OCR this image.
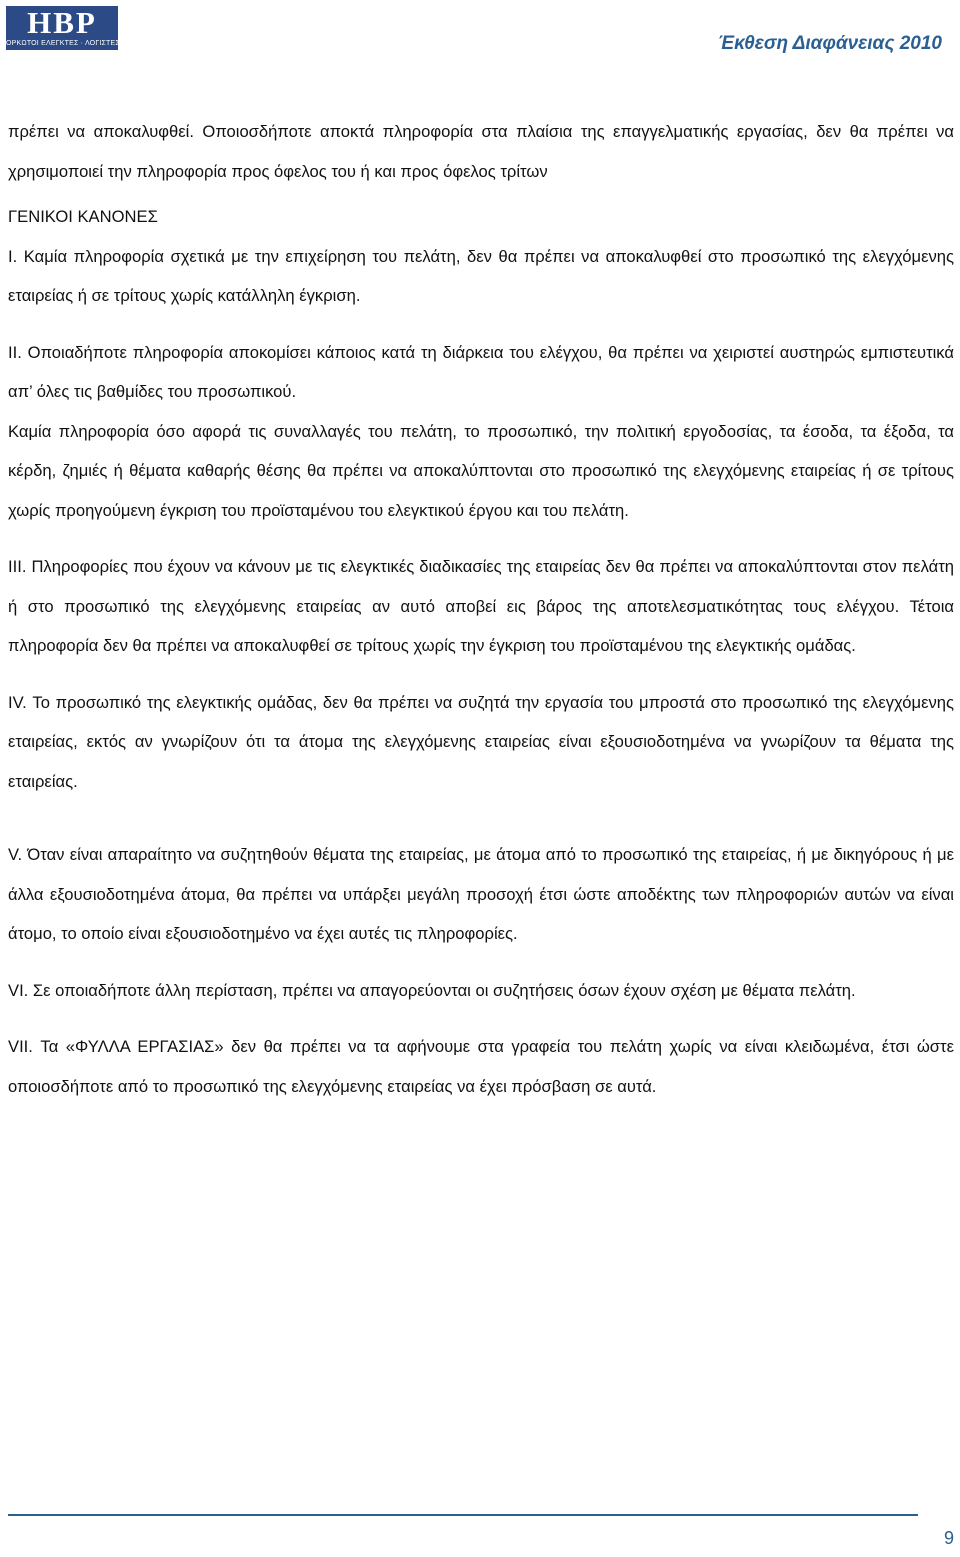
HBP
ΟΡΚΩΤΟΙ ΕΛΕΓΚΤΕΣ · ΛΟΓΙΣΤΕΣ	Έκθεση Διαφάνειας 2010

πρέπει να αποκαλυφθεί. Οποιοσδήποτε αποκτά πληροφορία στα πλαίσια της επαγγελματικής εργασίας, δεν θα πρέπει να χρησιμοποιεί την πληροφορία προς όφελος του ή και προς όφελος τρίτων

ΓΕΝΙΚΟΙ ΚΑΝΟΝΕΣ

I. Καμία πληροφορία σχετικά με την επιχείρηση του πελάτη, δεν θα πρέπει να αποκαλυφθεί στο προσωπικό της ελεγχόμενης εταιρείας ή σε τρίτους χωρίς κατάλληλη έγκριση.

II. Οποιαδήποτε πληροφορία αποκομίσει κάποιος κατά τη διάρκεια του ελέγχου, θα πρέπει να χειριστεί αυστηρώς εμπιστευτικά απ’ όλες τις βαθμίδες του προσωπικού.

Καμία πληροφορία όσο αφορά τις συναλλαγές του πελάτη, το προσωπικό, την πολιτική εργοδοσίας, τα έσοδα, τα έξοδα, τα κέρδη, ζημιές ή θέματα καθαρής θέσης θα πρέπει να αποκαλύπτονται στο προσωπικό της ελεγχόμενης εταιρείας ή σε τρίτους χωρίς προηγούμενη έγκριση του προϊσταμένου του ελεγκτικού έργου και του πελάτη.

III. Πληροφορίες που έχουν να κάνουν με τις ελεγκτικές διαδικασίες της εταιρείας δεν θα πρέπει να αποκαλύπτονται στον πελάτη ή στο προσωπικό της ελεγχόμενης εταιρείας αν αυτό αποβεί εις βάρος της αποτελεσματικότητας τους ελέγχου. Τέτοια πληροφορία δεν θα πρέπει να αποκαλυφθεί σε τρίτους χωρίς την έγκριση του προϊσταμένου της ελεγκτικής ομάδας.

IV. Το προσωπικό της ελεγκτικής ομάδας, δεν θα πρέπει να συζητά την εργασία του μπροστά στο προσωπικό της ελεγχόμενης εταιρείας, εκτός αν γνωρίζουν ότι τα άτομα της ελεγχόμενης εταιρείας είναι εξουσιοδοτημένα να γνωρίζουν τα θέματα της εταιρείας.

V. Όταν είναι απαραίτητο να συζητηθούν θέματα της εταιρείας, με άτομα από το προσωπικό της εταιρείας, ή με δικηγόρους ή με άλλα εξουσιοδοτημένα άτομα, θα πρέπει να υπάρξει μεγάλη προσοχή έτσι ώστε αποδέκτης των πληροφοριών αυτών να είναι άτομο, το οποίο είναι εξουσιοδοτημένο να έχει αυτές τις πληροφορίες.

VI. Σε οποιαδήποτε άλλη περίσταση, πρέπει να απαγορεύονται οι συζητήσεις όσων έχουν σχέση με θέματα πελάτη.

VII. Τα «ΦΥΛΛΑ ΕΡΓΑΣΙΑΣ» δεν θα πρέπει να τα αφήνουμε στα γραφεία του πελάτη χωρίς να είναι κλειδωμένα, έτσι ώστε οποιοσδήποτε από το προσωπικό της ελεγχόμενης εταιρείας να έχει πρόσβαση σε αυτά.

9
